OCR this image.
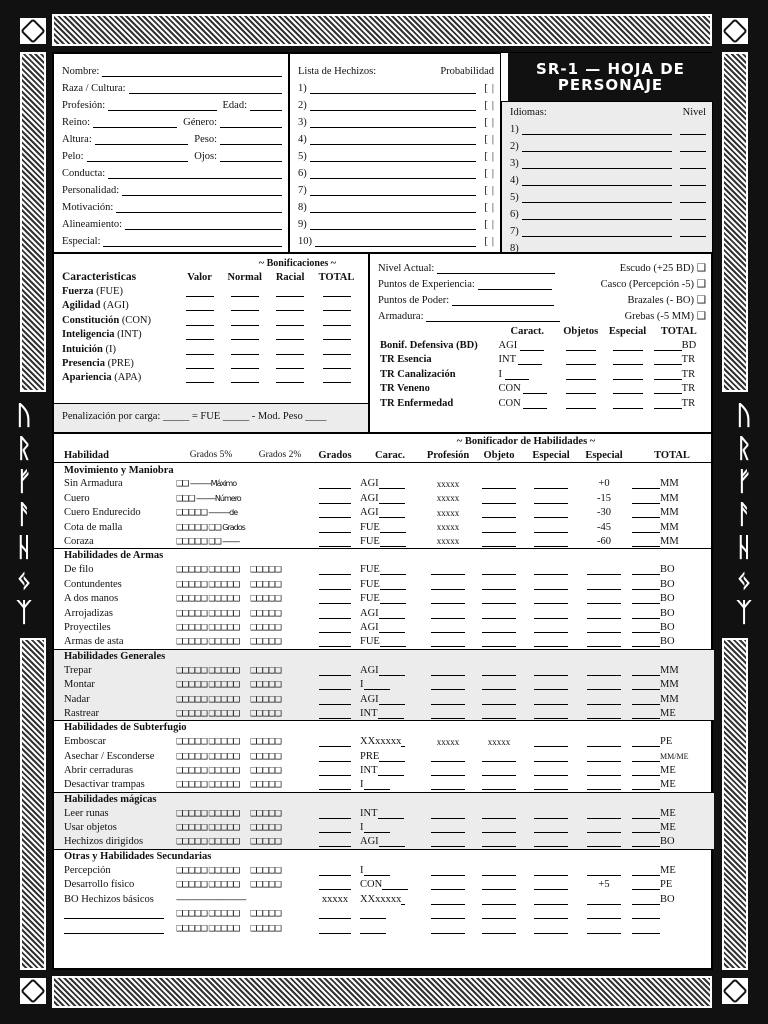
ᚢ
ᚱ
ᚠ
ᚨ
ᚺ
ᛃ
ᛉ
ᚢ
ᚱ
ᚠ
ᚨ
ᚺ
ᛃ
ᛉ
Nombre:
Raza / Cultura:
Profesión:	Edad:
Reino:	Género:
Altura:	Peso:
Pelo:	Ojos:
Conducta:
Personalidad:
Motivación:
Alineamiento:
Especial:
Lista de Hechizos:	Probabilidad
1)	[ |
2)	[ |
3)	[ |
4)	[ |
5)	[ |
6)	[ |
7)	[ |
8)	[ |
9)	[ |
10)	[ |
SR-1 — HOJA DE
PERSONAJE
Idiomas:	Nivel
1)
2)
3)
4)
5)
6)
7)
8)
~ Bonificaciones ~
Caracteristicas	Valor	Normal	Racial	TOTAL
Fuerza (FUE)				
Agilidad (AGI)				
Constitución (CON)				
Inteligencia (INT)				
Intuición (I)				
Presencia (PRE)				
Apariencia (APA)				
Penalización por carga: _____ = FUE _____ - Mod. Peso ____
Nivel Actual:	Escudo (+25 BD) ❑
Puntos de Experiencia:	Casco (Percepción -5) ❑
Puntos de Poder:	Brazales (- BO) ❑
Armadura:	Grebas (-5 MM) ❑
	Caract.	Objetos	Especial	TOTAL
Bonif. Defensiva (BD)	AGI			BD
TR Esencia	INT			TR
TR Canalización	I			TR
TR Veneno	CON			TR
TR Enfermedad	CON			TR
					~ Bonificador de Habilidades ~				
Habilidad	Grados 5%	Grados 2%	Grados	Carac.	Profesión	Objeto	Especial	Especial	TOTAL
Movimiento y Maniobra									
Sin Armadura	❑❑ -----------Máximo			AGI	xxxxx			+0	MM
Cuero	❑❑❑ ----------Número			AGI	xxxxx			-15	MM
Cuero Endurecido	❑❑❑❑❑ -----------de			AGI	xxxxx			-30	MM
Cota de malla	❑❑❑❑❑ ❑❑ Grados			FUE	xxxxx			-45	MM
Coraza	❑❑❑❑❑ ❑❑ ---------			FUE	xxxxx			-60	MM
Habilidades de Armas									
De filo	❑❑❑❑❑ ❑❑❑❑❑	❑❑❑❑❑		FUE					BO
Contundentes	❑❑❑❑❑ ❑❑❑❑❑	❑❑❑❑❑		FUE					BO
A dos manos	❑❑❑❑❑ ❑❑❑❑❑	❑❑❑❑❑		FUE					BO
Arrojadizas	❑❑❑❑❑ ❑❑❑❑❑	❑❑❑❑❑		AGI					BO
Proyectiles	❑❑❑❑❑ ❑❑❑❑❑	❑❑❑❑❑		AGI					BO
Armas de asta	❑❑❑❑❑ ❑❑❑❑❑	❑❑❑❑❑		FUE					BO
Habilidades Generales									
Trepar	❑❑❑❑❑ ❑❑❑❑❑	❑❑❑❑❑		AGI					MM
Montar	❑❑❑❑❑ ❑❑❑❑❑	❑❑❑❑❑		I					MM
Nadar	❑❑❑❑❑ ❑❑❑❑❑	❑❑❑❑❑		AGI					MM
Rastrear	❑❑❑❑❑ ❑❑❑❑❑	❑❑❑❑❑		INT					ME
Habilidades de Subterfugio									
Emboscar	❑❑❑❑❑ ❑❑❑❑❑	❑❑❑❑❑		XXxxxxx	xxxxx	xxxxx			PE
Asechar / Esconderse	❑❑❑❑❑ ❑❑❑❑❑	❑❑❑❑❑		PRE					MM/ME
Abrir cerraduras	❑❑❑❑❑ ❑❑❑❑❑	❑❑❑❑❑		INT					ME
Desactivar trampas	❑❑❑❑❑ ❑❑❑❑❑	❑❑❑❑❑		I					ME
Habilidades mágicas									
Leer runas	❑❑❑❑❑ ❑❑❑❑❑	❑❑❑❑❑		INT					ME
Usar objetos	❑❑❑❑❑ ❑❑❑❑❑	❑❑❑❑❑		I					ME
Hechizos dirigidos	❑❑❑❑❑ ❑❑❑❑❑	❑❑❑❑❑		AGI					BO
Otras y Habilidades Secundarias									
Percepción	❑❑❑❑❑ ❑❑❑❑❑	❑❑❑❑❑		I					ME
Desarrollo físico	❑❑❑❑❑ ❑❑❑❑❑	❑❑❑❑❑		CON				+5	PE
BO Hechizos básicos	-------------------------------------		xxxxx	XXxxxxx					BO
	❑❑❑❑❑ ❑❑❑❑❑	❑❑❑❑❑							
	❑❑❑❑❑ ❑❑❑❑❑	❑❑❑❑❑							
